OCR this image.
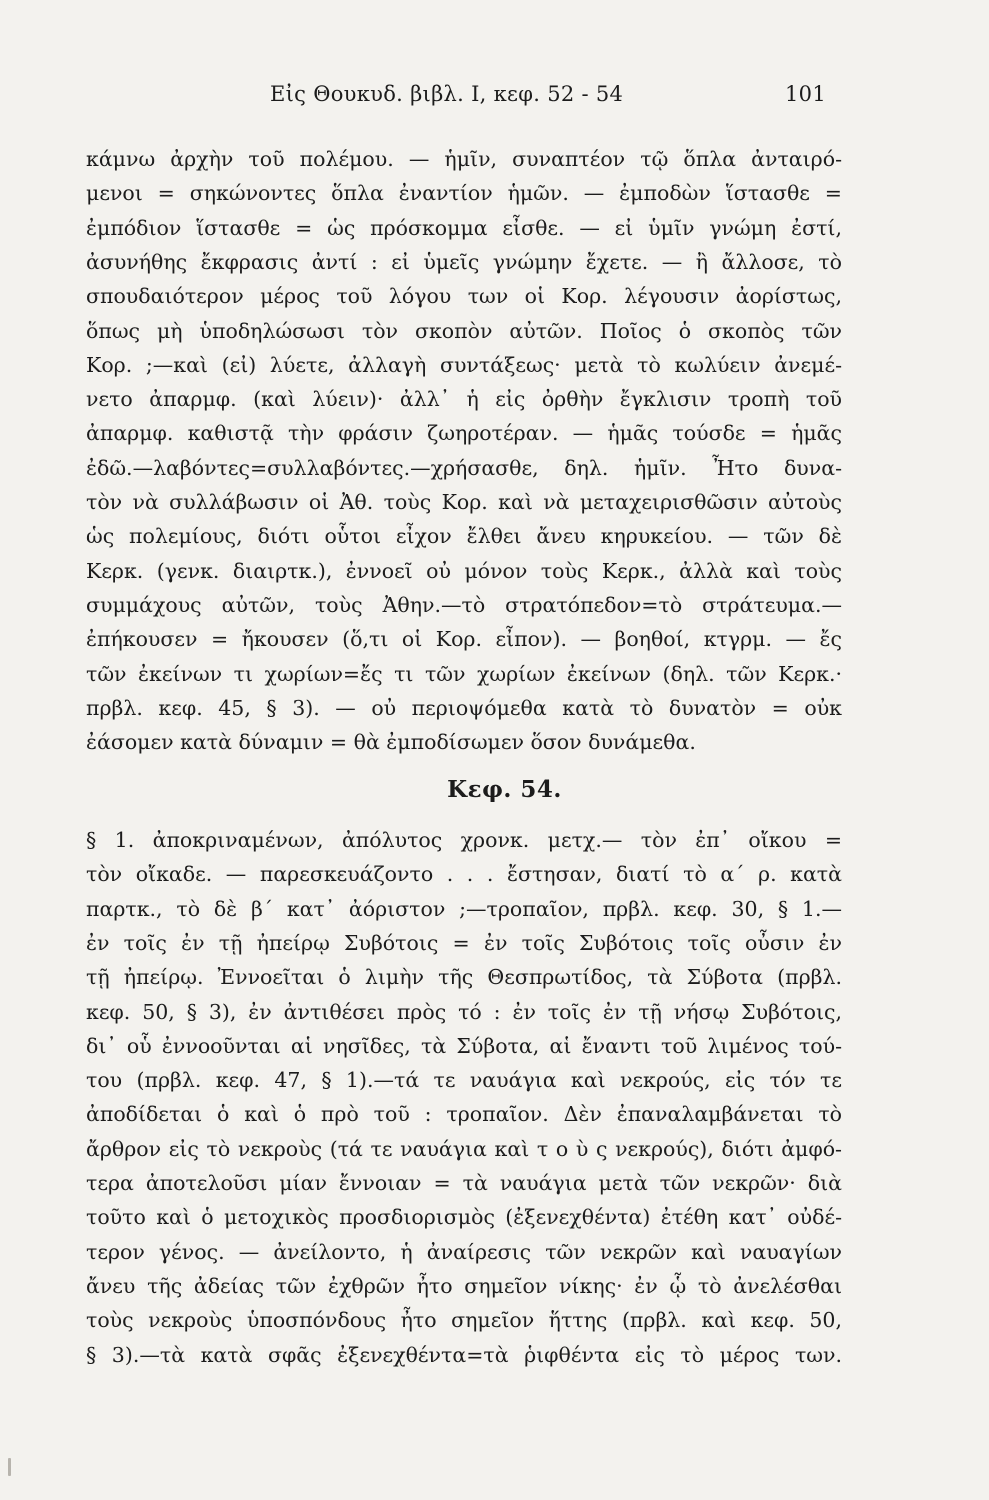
Εἰς Θουκυδ. βιβλ. Ι, κεφ. 52 - 54	101
κάμνω ἀρχὴν τοῦ πολέμου. — ἡμῖν, συναπτέον τῷ ὅπλα ἀνταιρό-
μενοι = σηκώνοντες ὅπλα ἐναντίον ἡμῶν. — ἐμποδὼν ἵστασθε =
ἐμπόδιον ἵστασθε = ὡς πρόσκομμα εἶσθε. — εἰ ὑμῖν γνώμη ἐστί,
ἀσυνήθης ἔκφρασις ἀντί : εἰ ὑμεῖς γνώμην ἔχετε. — ἢ ἄλλοσε, τὸ
σπουδαιότερον μέρος τοῦ λόγου των οἱ Κορ. λέγουσιν ἀορίστως,
ὅπως μὴ ὑποδηλώσωσι τὸν σκοπὸν αὐτῶν. Ποῖος ὁ σκοπὸς τῶν
Κορ. ;—καὶ (εἰ) λύετε, ἀλλαγὴ συντάξεως· μετὰ τὸ κωλύειν ἀνεμέ-
νετο ἀπαρμφ. (καὶ λύειν)· ἀλλ᾽ ἡ εἰς ὀρθὴν ἔγκλισιν τροπὴ τοῦ
ἀπαρμφ. καθιστᾷ τὴν φράσιν ζωηροτέραν. — ἡμᾶς τούσδε = ἡμᾶς
ἐδῶ.—λαβόντες=συλλαβόντες.—χρήσασθε, δηλ. ἡμῖν. Ἦτο δυνα-
τὸν νὰ συλλάβωσιν οἱ Ἀθ. τοὺς Κορ. καὶ νὰ μεταχειρισθῶσιν αὐτοὺς
ὡς πολεμίους, διότι οὗτοι εἶχον ἔλθει ἄνευ κηρυκείου. — τῶν δὲ
Κερκ. (γενκ. διαιρτκ.), ἐννοεῖ οὐ μόνον τοὺς Κερκ., ἀλλὰ καὶ τοὺς
συμμάχους αὐτῶν, τοὺς Ἀθην.—τὸ στρατόπεδον=τὸ στράτευμα.—
ἐπήκουσεν = ἤκουσεν (ὅ,τι οἱ Κορ. εἶπον). — βοηθοί, κτγρμ. — ἔς
τῶν ἐκείνων τι χωρίων=ἔς τι τῶν χωρίων ἐκείνων (δηλ. τῶν Κερκ.·
πρβλ. κεφ. 45, § 3). — οὐ περιοψόμεθα κατὰ τὸ δυνατὸν = οὐκ
ἐάσομεν κατὰ δύναμιν = θὰ ἐμποδίσωμεν ὅσον δυνάμεθα.
Κεφ. 54.
§ 1. ἀποκριναμένων, ἀπόλυτος χρονκ. μετχ.— τὸν ἐπ᾽ οἴκου =
τὸν οἴκαδε. — παρεσκευάζοντο . . . ἔστησαν, διατί τὸ α´ ρ. κατὰ
παρτκ., τὸ δὲ β´ κατ᾽ ἀόριστον ;—τροπαῖον, πρβλ. κεφ. 30, § 1.—
ἐν τοῖς ἐν τῇ ἠπείρῳ Συβότοις = ἐν τοῖς Συβότοις τοῖς οὖσιν ἐν
τῇ ἠπείρῳ. Ἐννοεῖται ὁ λιμὴν τῆς Θεσπρωτίδος, τὰ Σύβοτα (πρβλ.
κεφ. 50, § 3), ἐν ἀντιθέσει πρὸς τό : ἐν τοῖς ἐν τῇ νήσῳ Συβότοις,
δι᾽ οὗ ἐννοοῦνται αἱ νησῖδες, τὰ Σύβοτα, αἱ ἔναντι τοῦ λιμένος τού-
του (πρβλ. κεφ. 47, § 1).—τά τε ναυάγια καὶ νεκρούς, εἰς τόν τε
ἀποδίδεται ὁ καὶ ὁ πρὸ τοῦ : τροπαῖον. Δὲν ἐπαναλαμβάνεται τὸ
ἄρθρον εἰς τὸ νεκροὺς (τά τε ναυάγια καὶ τ ο ὺ ς νεκρούς), διότι ἀμφό-
τερα ἀποτελοῦσι μίαν ἔννοιαν = τὰ ναυάγια μετὰ τῶν νεκρῶν· διὰ
τοῦτο καὶ ὁ μετοχικὸς προσδιορισμὸς (ἐξενεχθέντα) ἐτέθη κατ᾽ οὐδέ-
τερον γένος. — ἀνείλοντο, ἡ ἀναίρεσις τῶν νεκρῶν καὶ ναυαγίων
ἄνευ τῆς ἀδείας τῶν ἐχθρῶν ἦτο σημεῖον νίκης· ἐν ᾧ τὸ ἀνελέσθαι
τοὺς νεκροὺς ὑποσπόνδους ἦτο σημεῖον ἥττης (πρβλ. καὶ κεφ. 50,
§ 3).—τὰ κατὰ σφᾶς ἐξενεχθέντα=τὰ ῥιφθέντα εἰς τὸ μέρος των.
